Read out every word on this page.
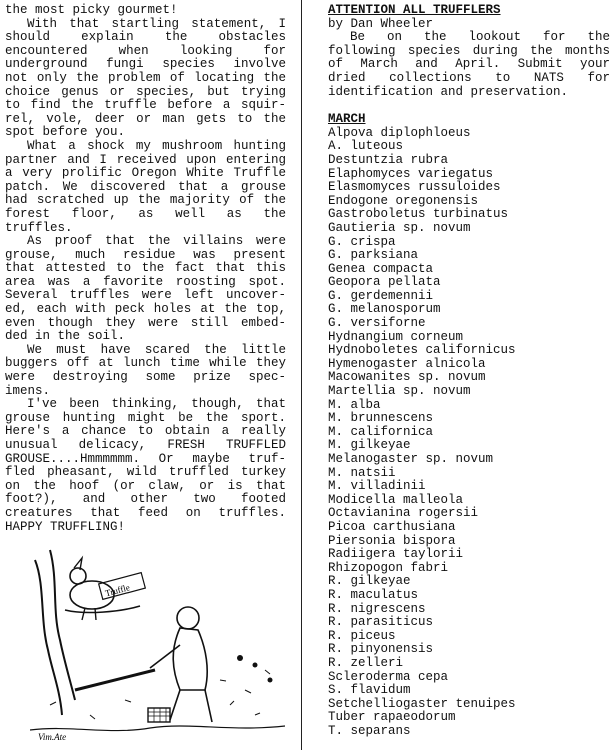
the most picky gourmet!

With that startling statement, I

should explain the obstacles

encountered when looking for

underground fungi species involve

not only the problem of locating the

choice genus or species, but trying

to find the truffle before a squir-

rel, vole, deer or man gets to the

spot before you.

What a shock my mushroom hunting

partner and I received upon entering

a very prolific Oregon White Truffle

patch. We discovered that a grouse

had scratched up the majority of the

forest floor, as well as the

truffles.

As proof that the villains were

grouse, much residue was present

that attested to the fact that this

area was a favorite roosting spot.

Several truffles were left uncover-

ed, each with peck holes at the top,

even though they were still embed-

ded in the soil.

We must have scared the little

buggers off at lunch time while they

were destroying some prize spec-

imens.

I've been thinking, though, that

grouse hunting might be the sport.

Here's a chance to obtain a really

unusual delicacy, FRESH TRUFFLED

GROUSE....Hmmmmmm. Or maybe truf-

fled pheasant, wild truffled turkey

on the hoof (or claw, or is that

foot?), and other two footed

creatures that feed on truffles.

HAPPY TRUFFLING!

Truffle
Vim.Ate

ATTENTION ALL TRUFFLERS

by Dan Wheeler

Be on the lookout for the

following species during the months

of March and April. Submit your

dried collections to NATS for

identification and preservation.

MARCH

Alpova diplophloeus
A. luteous
Destuntzia rubra
Elaphomyces variegatus
Elasmomyces russuloides
Endogone oregonensis
Gastroboletus turbinatus
Gautieria sp. novum
G. crispa
G. parksiana
Genea compacta
Geopora pellata
G. gerdemennii
G. melanosporum
G. versiforne
Hydnangium corneum
Hydnoboletes californicus
Hymenogaster alnicola
Macowanites sp. novum
Martellia sp. novum
M. alba
M. brunnescens
M. californica
M. gilkeyae
Melanogaster sp. novum
M. natsii
M. villadinii
Modicella malleola
Octavianina rogersii
Picoa carthusiana
Piersonia bispora
Radiigera taylorii
Rhizopogon fabri
R. gilkeyae
R. maculatus
R. nigrescens
R. parasiticus
R. piceus
R. pinyonensis
R. zelleri
Scleroderma cepa
S. flavidum
Setchelliogaster tenuipes
Tuber rapaeodorum
T. separans
